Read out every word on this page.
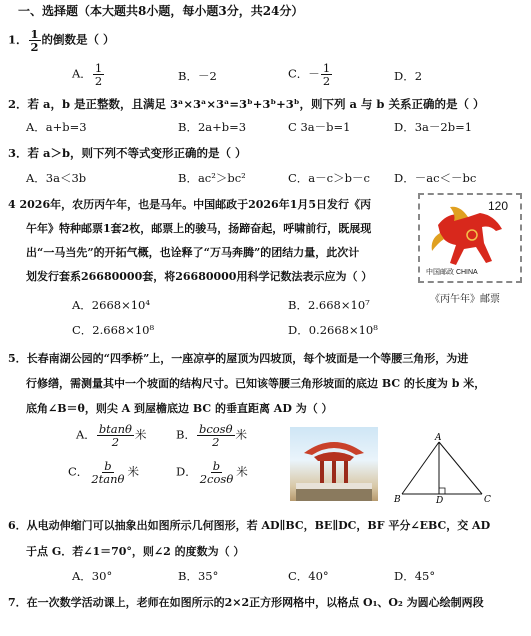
一、选择题（本大题共8小题，每小题3分，共24分）
1． $\frac{1}{2}$ 的倒数是（ ）
A． $\frac{1}{2}$	B．－2	C．－ $\frac{1}{2}$	D．2
2．若 a，b 是正整数，且满足 3ᵃ×3ᵃ×3ᵃ=3ᵇ+3ᵇ+3ᵇ，则下列 a 与 b 关系正确的是（ ）
A．a+b=3	B．2a+b=3	C 3a－b=1	D．3a－2b=1
3．若 a＞b，则下列不等式变形正确的是（ ）
A．3a＜3b	B．ac²＞bc²	C．a－c＞b－c D．－ac＜－bc
4 2026年，农历丙午年，也是马年。中国邮政于2026年1月5日发行《丙
午年》特种邮票1套2枚，邮票上的骏马，扬蹄奋起，呼啸前行，既展现
出“一马当先”的开拓气概，也诠释了“万马奔腾”的团结力量，此次计
划发行套系26680000套，将26680000用科学记数法表示应为（ ）
A．2668×10⁴	B．2.668×10⁷
C．2.668×10⁸	D．0.2668×10⁸
120
中国邮政 CHINA
《丙午年》邮票
5．长春南湖公园的“四季桥”上，一座凉亭的屋顶为四坡顶，每个坡面是一个等腰三角形，为进
行修缮，需测量其中一个坡面的结构尺寸。已知该等腰三角形坡面的底边 BC 的长度为 b 米，
底角∠B＝θ，则尖 A 到屋檐底边 BC 的垂直距离 AD 为（ ）
A． $\frac{btan\theta}{2}$ 米	B． $\frac{bcos\theta}{2}$ 米
C． $\frac{b}{2\tan\theta}$ 米	D． $\frac{b}{2\cos\theta}$ 米
A
B	C
D
6．从电动伸缩门可以抽象出如图所示几何图形，若 AD∥BC，BE∥DC，BF 平分∠EBC，交 AD
于点 G．若∠1＝70°，则∠2 的度数为（ ）
A．30°	B．35°	C．40°	D．45°
7．在一次数学活动课上，老师在如图所示的2×2正方形网格中，以格点 O₁、O₂ 为圆心绘制两段
